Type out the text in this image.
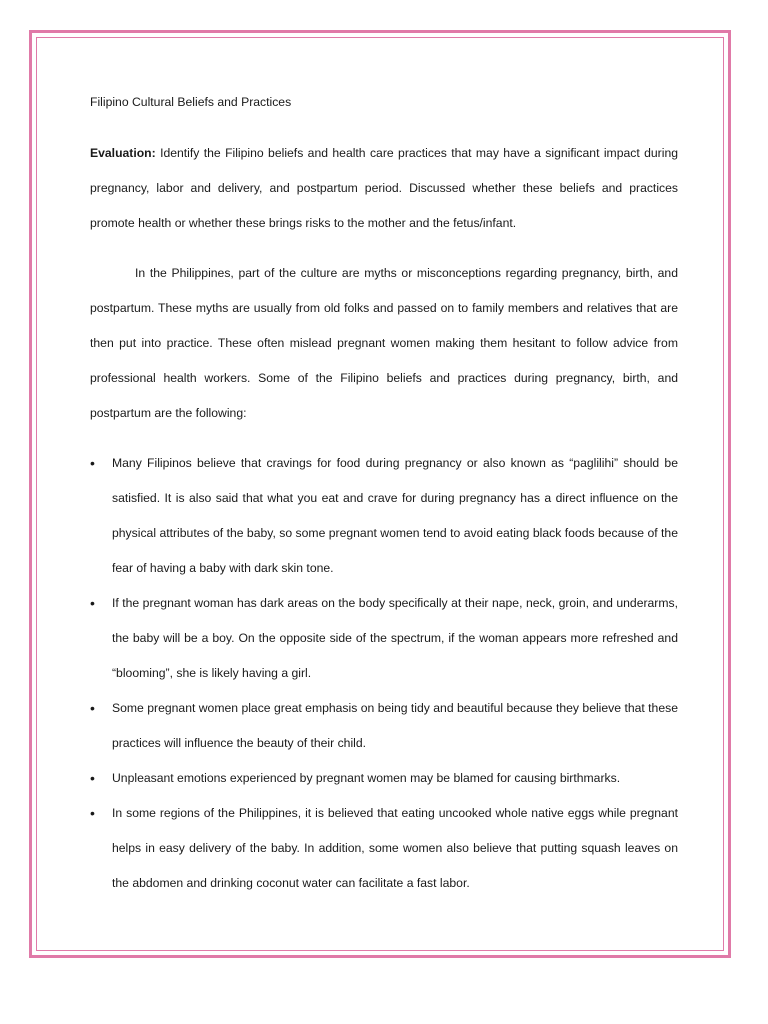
Filipino Cultural Beliefs and Practices

Evaluation: Identify the Filipino beliefs and health care practices that may have a significant impact during pregnancy, labor and delivery, and postpartum period. Discussed whether these beliefs and practices promote health or whether these brings risks to the mother and the fetus/infant.

In the Philippines, part of the culture are myths or misconceptions regarding pregnancy, birth, and postpartum. These myths are usually from old folks and passed on to family members and relatives that are then put into practice. These often mislead pregnant women making them hesitant to follow advice from professional health workers. Some of the Filipino beliefs and practices during pregnancy, birth, and postpartum are the following:

• Many Filipinos believe that cravings for food during pregnancy or also known as “paglilihi” should be satisfied. It is also said that what you eat and crave for during pregnancy has a direct influence on the physical attributes of the baby, so some pregnant women tend to avoid eating black foods because of the fear of having a baby with dark skin tone.
• If the pregnant woman has dark areas on the body specifically at their nape, neck, groin, and underarms, the baby will be a boy. On the opposite side of the spectrum, if the woman appears more refreshed and “blooming”, she is likely having a girl.
• Some pregnant women place great emphasis on being tidy and beautiful because they believe that these practices will influence the beauty of their child.
• Unpleasant emotions experienced by pregnant women may be blamed for causing birthmarks.
• In some regions of the Philippines, it is believed that eating uncooked whole native eggs while pregnant helps in easy delivery of the baby. In addition, some women also believe that putting squash leaves on the abdomen and drinking coconut water can facilitate a fast labor.
